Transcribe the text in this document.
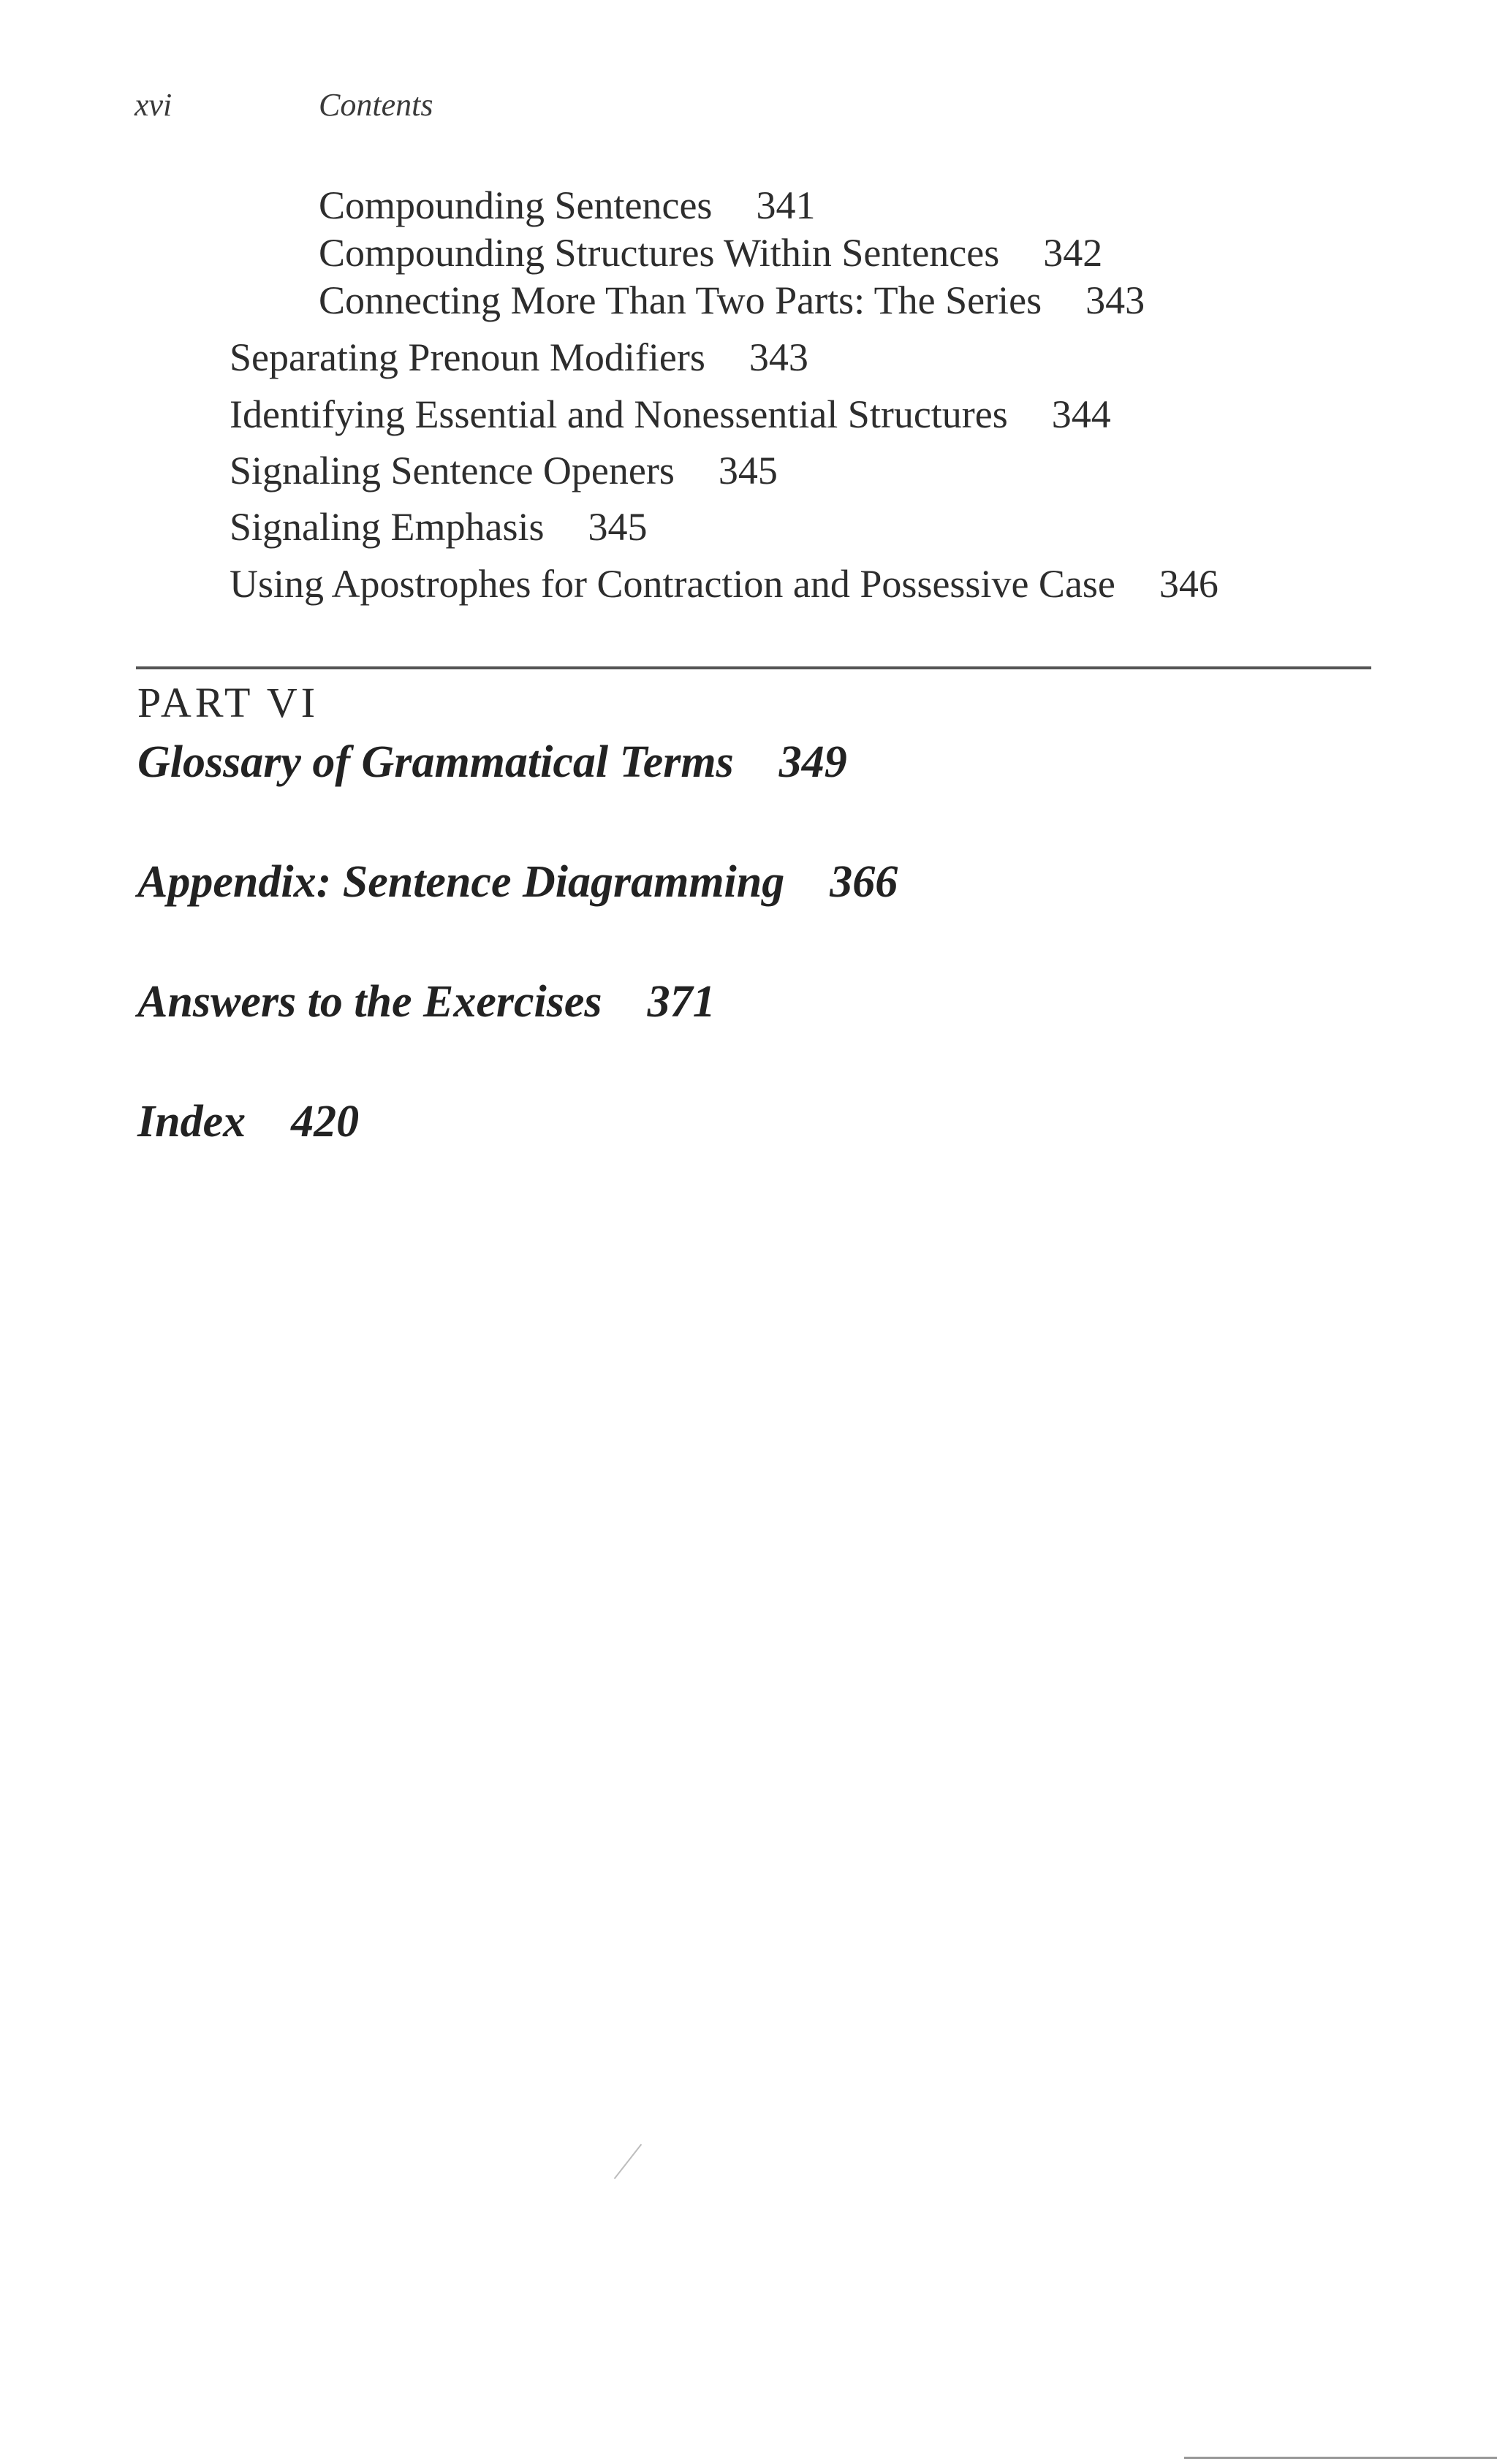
xvi	Contents
Compounding Sentences 341
Compounding Structures Within Sentences 342
Connecting More Than Two Parts: The Series 343
Separating Prenoun Modifiers 343
Identifying Essential and Nonessential Structures 344
Signaling Sentence Openers 345
Signaling Emphasis 345
Using Apostrophes for Contraction and Possessive Case 346
PART VI
Glossary of Grammatical Terms 349
Appendix: Sentence Diagramming 366
Answers to the Exercises 371
Index 420
